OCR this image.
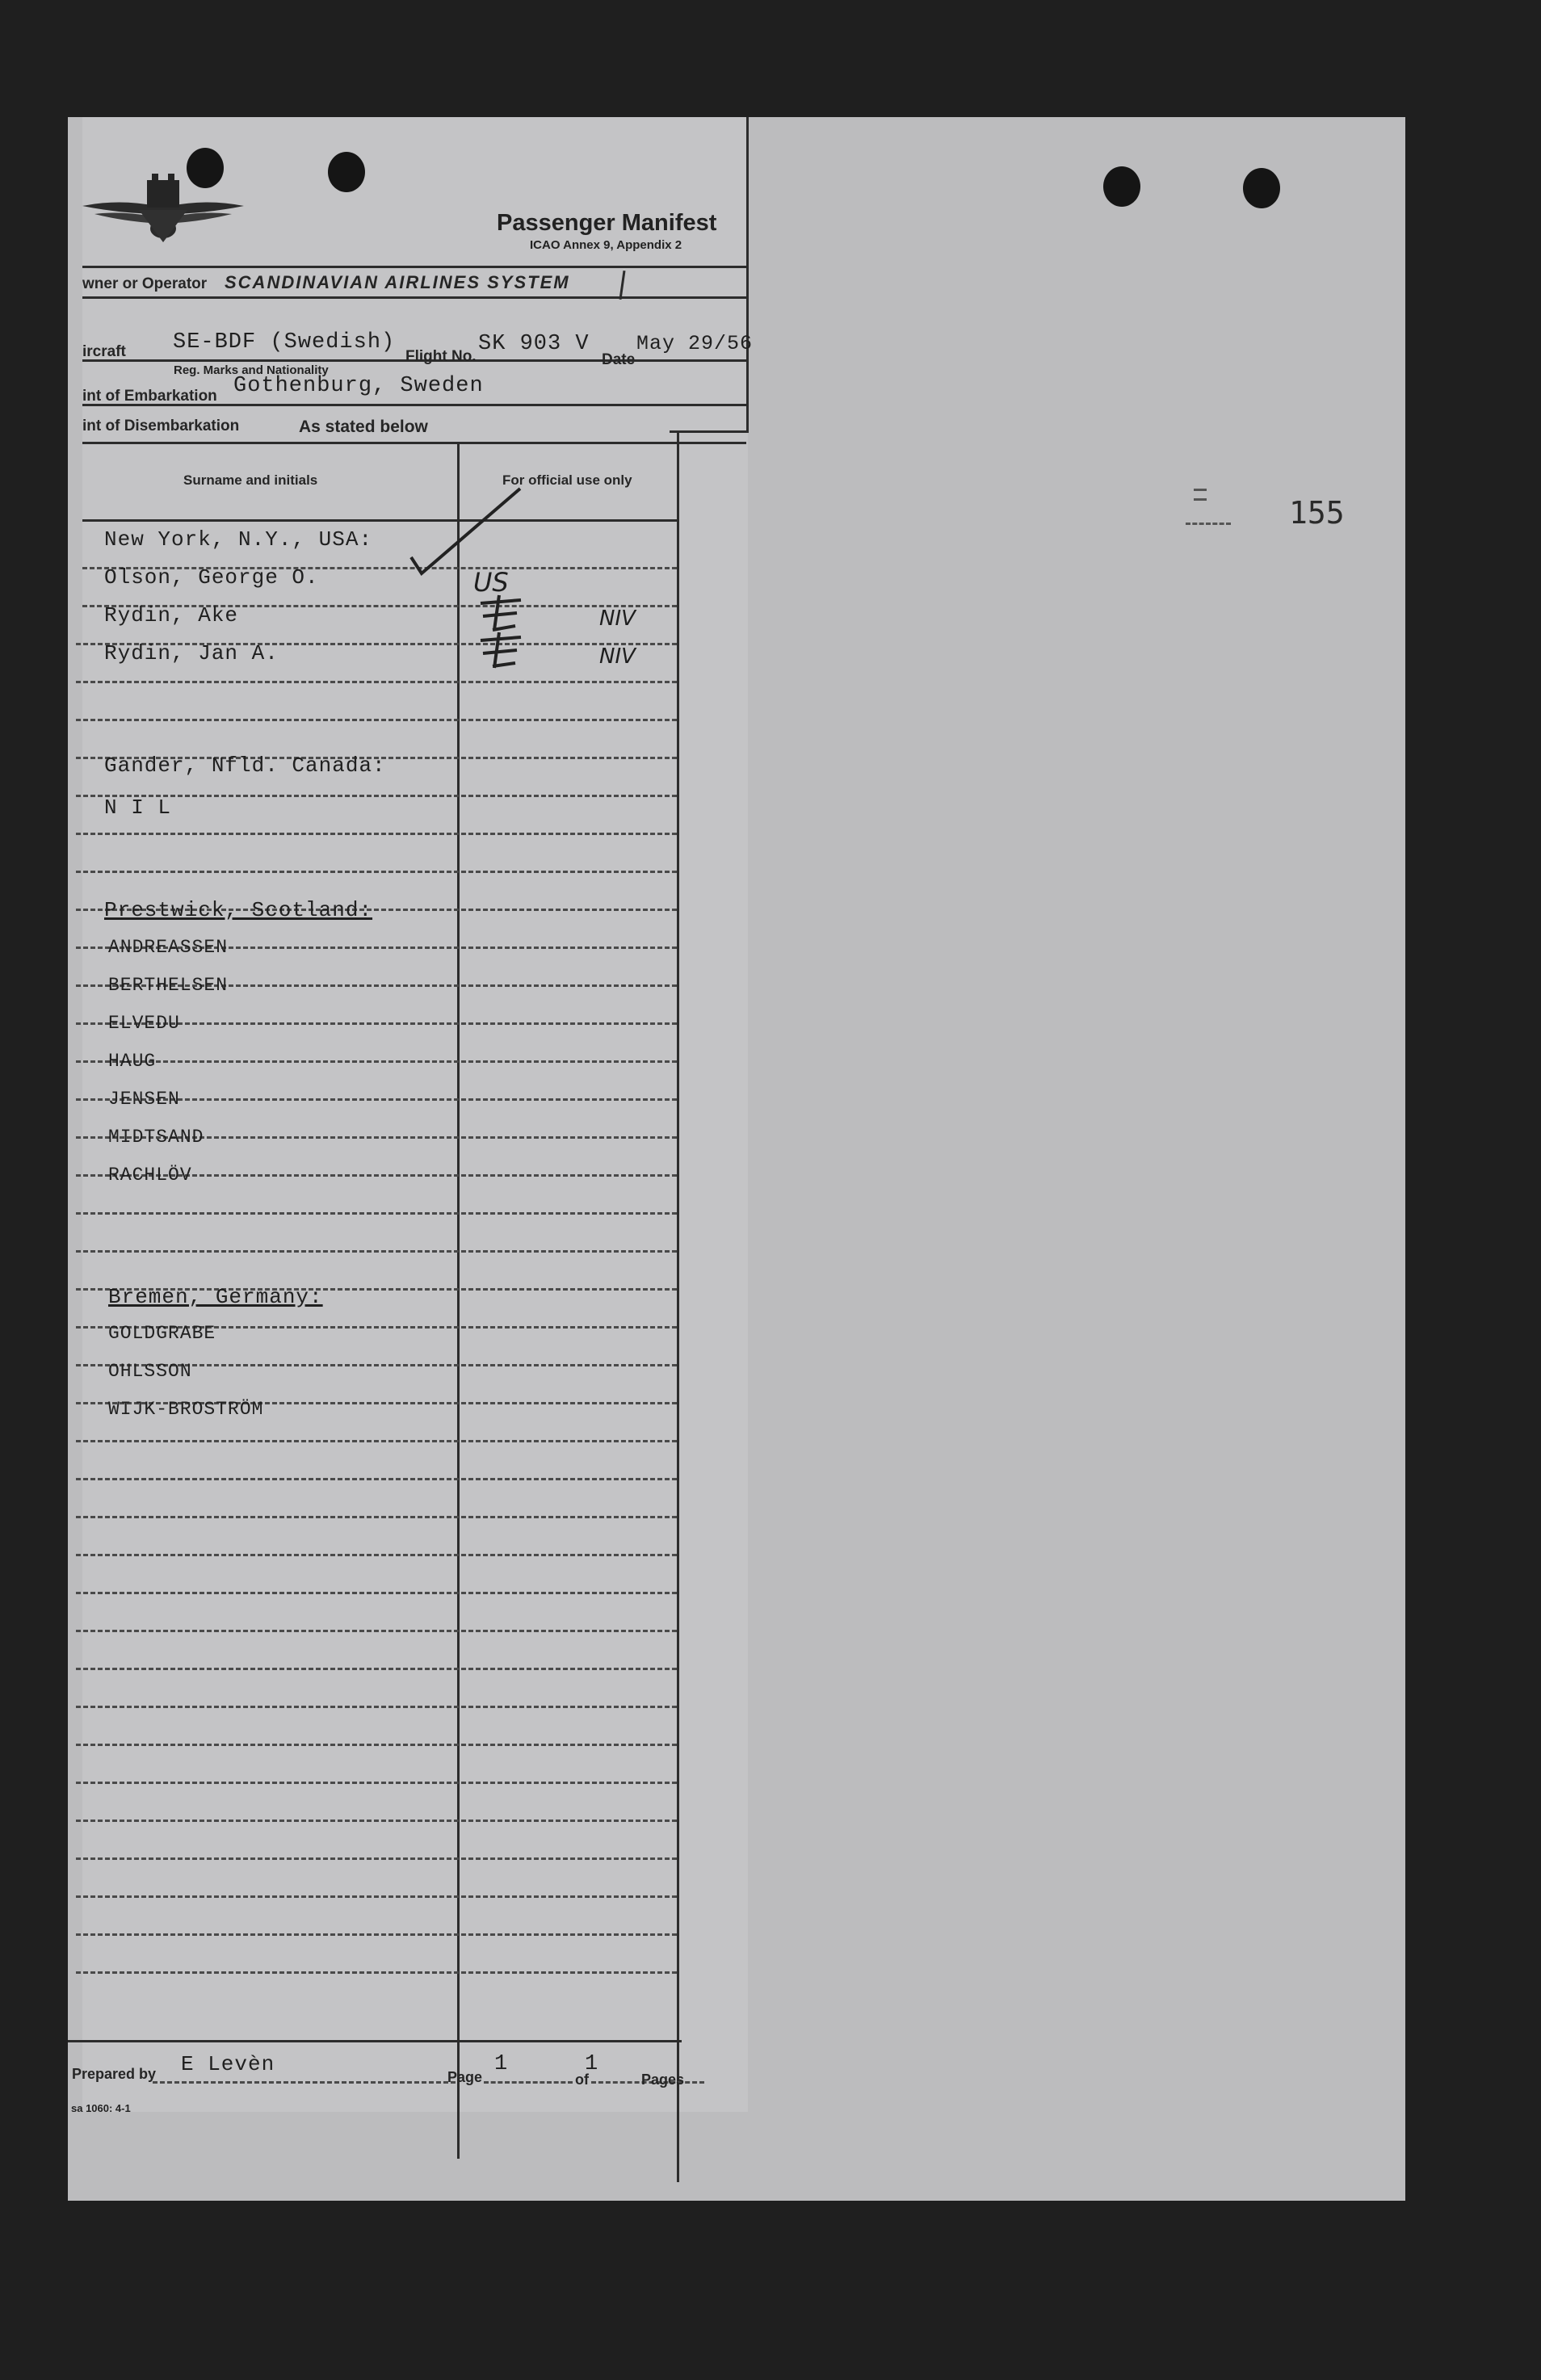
Passenger Manifest
ICAO Annex 9, Appendix 2
wner or Operator SCANDINAVIAN AIRLINES SYSTEM
ircraft SE-BDF (Swedish)
Reg. Marks and Nationality
Flight No.
SK 903 V
Date
May 29/56
int of Embarkation Gothenburg, Sweden
int of Disembarkation	As stated below
Surname and initials	For official use only
New York, N.Y., USA:
Olson, George O.	US
Rydin, Ake	NIV
Rydin, Jan A.	NIV
Gander, Nfld. Canada:
N I L
Prestwick, Scotland:
ANDREASSEN
BERTHELSEN
ELVEDU
HAUG
JENSEN
MIDTSAND
RACHLÖV
Bremen, Germany:
GOLDGRABE
OHLSSON
WIJK-BROSTRÖM
Prepared by E Levèn
Page
1
of
1
Pages
sa 1060: 4-1
155
